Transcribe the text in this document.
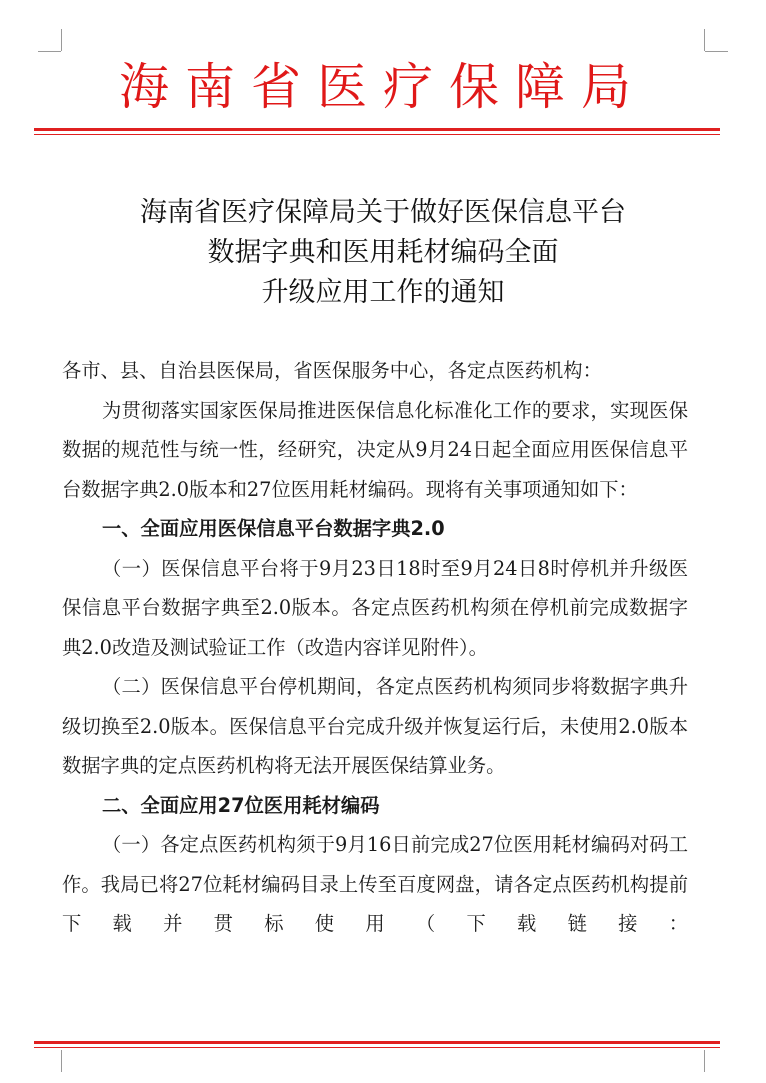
海南省医疗保障局
海南省医疗保障局关于做好医保信息平台
数据字典和医用耗材编码全面
升级应用工作的通知

各市、县、自治县医保局，省医保服务中心，各定点医药机构：

为贯彻落实国家医保局推进医保信息化标准化工作的要求，实现医保数据的规范性与统一性，经研究，决定从9月24日起全面应用医保信息平台数据字典2.0版本和27位医用耗材编码。现将有关事项通知如下：

一、全面应用医保信息平台数据字典2.0

（一）医保信息平台将于9月23日18时至9月24日8时停机并升级医保信息平台数据字典至2.0版本。各定点医药机构须在停机前完成数据字典2.0改造及测试验证工作（改造内容详见附件）。

（二）医保信息平台停机期间，各定点医药机构须同步将数据字典升级切换至2.0版本。医保信息平台完成升级并恢复运行后，未使用2.0版本数据字典的定点医药机构将无法开展医保结算业务。

二、全面应用27位医用耗材编码

（一）各定点医药机构须于9月16日前完成27位医用耗材编码对码工作。我局已将27位耗材编码目录上传至百度网盘，请各定点医药机构提前下载并贯标使用（下载链接：
